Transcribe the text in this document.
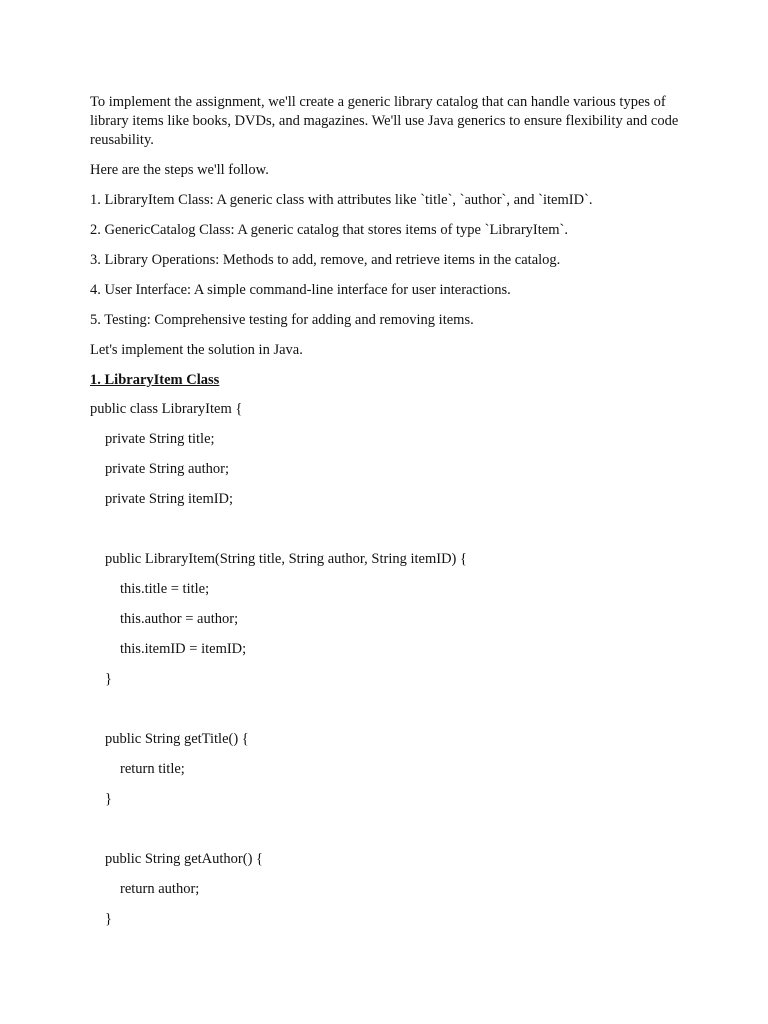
To implement the assignment, we'll create a generic library catalog that can handle various types of library items like books, DVDs, and magazines. We'll use Java generics to ensure flexibility and code reusability.

Here are the steps we'll follow.

1. LibraryItem Class: A generic class with attributes like `title`, `author`, and `itemID`.

2. GenericCatalog Class: A generic catalog that stores items of type `LibraryItem`.

3. Library Operations: Methods to add, remove, and retrieve items in the catalog.

4. User Interface: A simple command-line interface for user interactions.

5. Testing: Comprehensive testing for adding and removing items.

Let's implement the solution in Java.

1. LibraryItem Class

public class LibraryItem {

private String title;

private String author;

private String itemID;

public LibraryItem(String title, String author, String itemID) {

this.title = title;

this.author = author;

this.itemID = itemID;

}

public String getTitle() {

return title;

}

public String getAuthor() {

return author;

}
